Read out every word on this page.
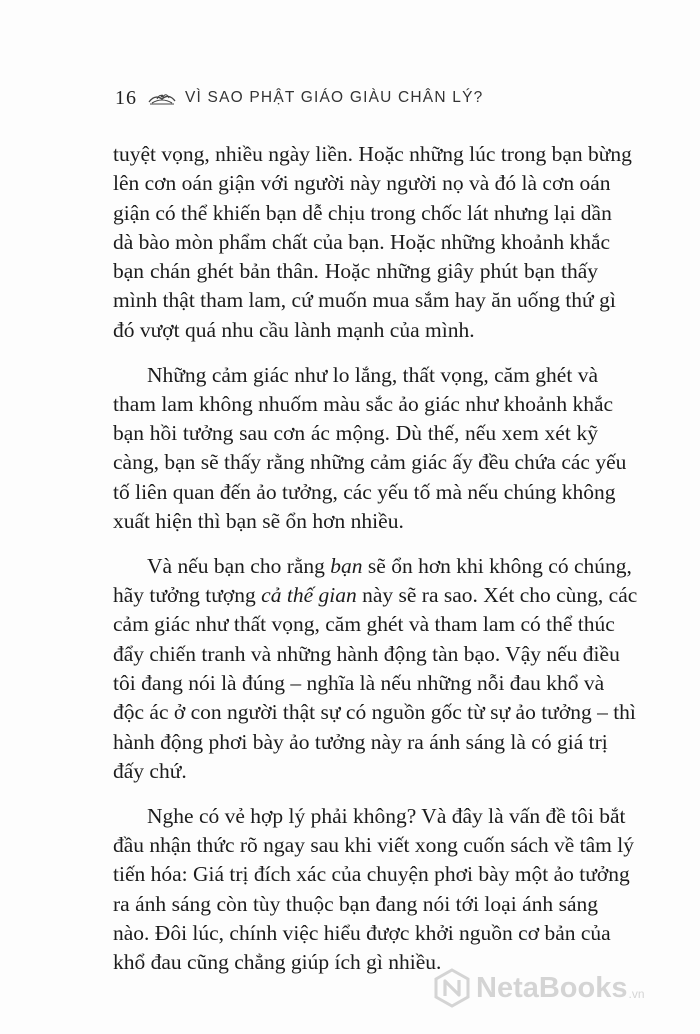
16	VÌ SAO PHẬT GIÁO GIÀU CHÂN LÝ?
tuyệt vọng, nhiều ngày liền. Hoặc những lúc trong bạn bừng
lên cơn oán giận với người này người nọ và đó là cơn oán
giận có thể khiến bạn dễ chịu trong chốc lát nhưng lại dần
dà bào mòn phẩm chất của bạn. Hoặc những khoảnh khắc
bạn chán ghét bản thân. Hoặc những giây phút bạn thấy
mình thật tham lam, cứ muốn mua sắm hay ăn uống thứ gì
đó vượt quá nhu cầu lành mạnh của mình.
Những cảm giác như lo lắng, thất vọng, căm ghét và
tham lam không nhuốm màu sắc ảo giác như khoảnh khắc
bạn hồi tưởng sau cơn ác mộng. Dù thế, nếu xem xét kỹ
càng, bạn sẽ thấy rằng những cảm giác ấy đều chứa các yếu
tố liên quan đến ảo tưởng, các yếu tố mà nếu chúng không
xuất hiện thì bạn sẽ ổn hơn nhiều.
Và nếu bạn cho rằng bạn sẽ ổn hơn khi không có chúng,
hãy tưởng tượng cả thế gian này sẽ ra sao. Xét cho cùng, các
cảm giác như thất vọng, căm ghét và tham lam có thể thúc
đẩy chiến tranh và những hành động tàn bạo. Vậy nếu điều
tôi đang nói là đúng – nghĩa là nếu những nỗi đau khổ và
độc ác ở con người thật sự có nguồn gốc từ sự ảo tưởng – thì
hành động phơi bày ảo tưởng này ra ánh sáng là có giá trị
đấy chứ.
Nghe có vẻ hợp lý phải không? Và đây là vấn đề tôi bắt
đầu nhận thức rõ ngay sau khi viết xong cuốn sách về tâm lý
tiến hóa: Giá trị đích xác của chuyện phơi bày một ảo tưởng
ra ánh sáng còn tùy thuộc bạn đang nói tới loại ánh sáng
nào. Đôi lúc, chính việc hiểu được khởi nguồn cơ bản của
khổ đau cũng chẳng giúp ích gì nhiều.
NetaBooks .vn
